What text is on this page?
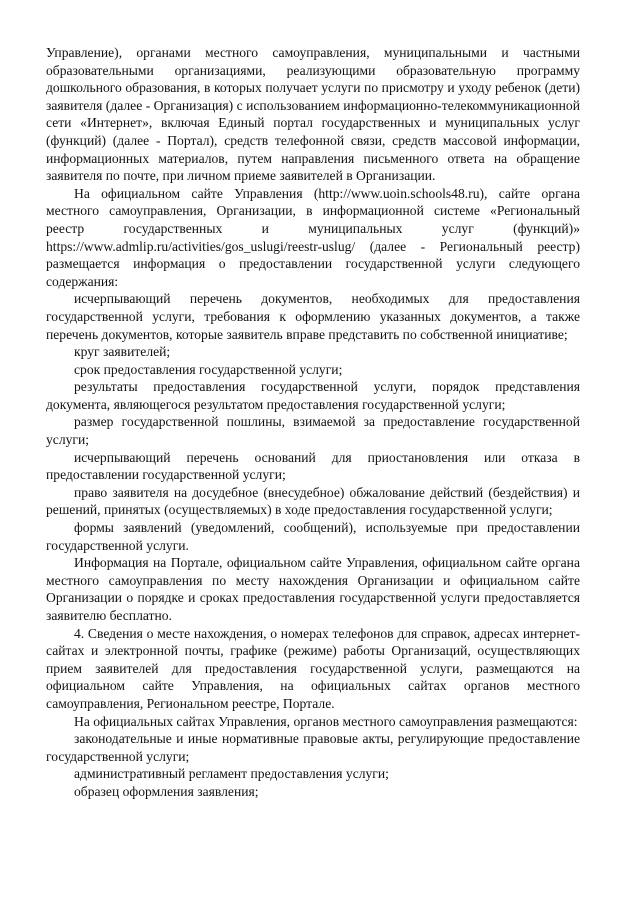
Управление), органами местного самоуправления, муниципальными и частными образовательными организациями, реализующими образовательную программу дошкольного образования, в которых получает услуги по присмотру и уходу ребенок (дети) заявителя (далее - Организация) с использованием информационно-телекоммуникационной сети «Интернет», включая Единый портал государственных и муниципальных услуг (функций) (далее - Портал), средств телефонной связи, средств массовой информации, информационных материалов, путем направления письменного ответа на обращение заявителя по почте, при личном приеме заявителей в Организации.

На официальном сайте Управления (http://www.uoin.schools48.ru), сайте органа местного самоуправления, Организации, в информационной системе «Региональный реестр государственных и муниципальных услуг (функций)» https://www.admlip.ru/activities/gos_uslugi/reestr-uslug/ (далее - Региональный реестр) размещается информация о предоставлении государственной услуги следующего содержания:

исчерпывающий перечень документов, необходимых для предоставления государственной услуги, требования к оформлению указанных документов, а также перечень документов, которые заявитель вправе представить по собственной инициативе;

круг заявителей;

срок предоставления государственной услуги;

результаты предоставления государственной услуги, порядок представления документа, являющегося результатом предоставления государственной услуги;

размер государственной пошлины, взимаемой за предоставление государственной услуги;

исчерпывающий перечень оснований для приостановления или отказа в предоставлении государственной услуги;

право заявителя на досудебное (внесудебное) обжалование действий (бездействия) и решений, принятых (осуществляемых) в ходе предоставления государственной услуги;

формы заявлений (уведомлений, сообщений), используемые при предоставлении государственной услуги.

Информация на Портале, официальном сайте Управления, официальном сайте органа местного самоуправления по месту нахождения Организации и официальном сайте Организации о порядке и сроках предоставления государственной услуги предоставляется заявителю бесплатно.

4. Сведения о месте нахождения, о номерах телефонов для справок, адресах интернет-сайтах и электронной почты, графике (режиме) работы Организаций, осуществляющих прием заявителей для предоставления государственной услуги, размещаются на официальном сайте Управления, на официальных сайтах органов местного самоуправления, Региональном реестре, Портале.

На официальных сайтах Управления, органов местного самоуправления размещаются:

законодательные и иные нормативные правовые акты, регулирующие предоставление государственной услуги;

административный регламент предоставления услуги;

образец оформления заявления;
